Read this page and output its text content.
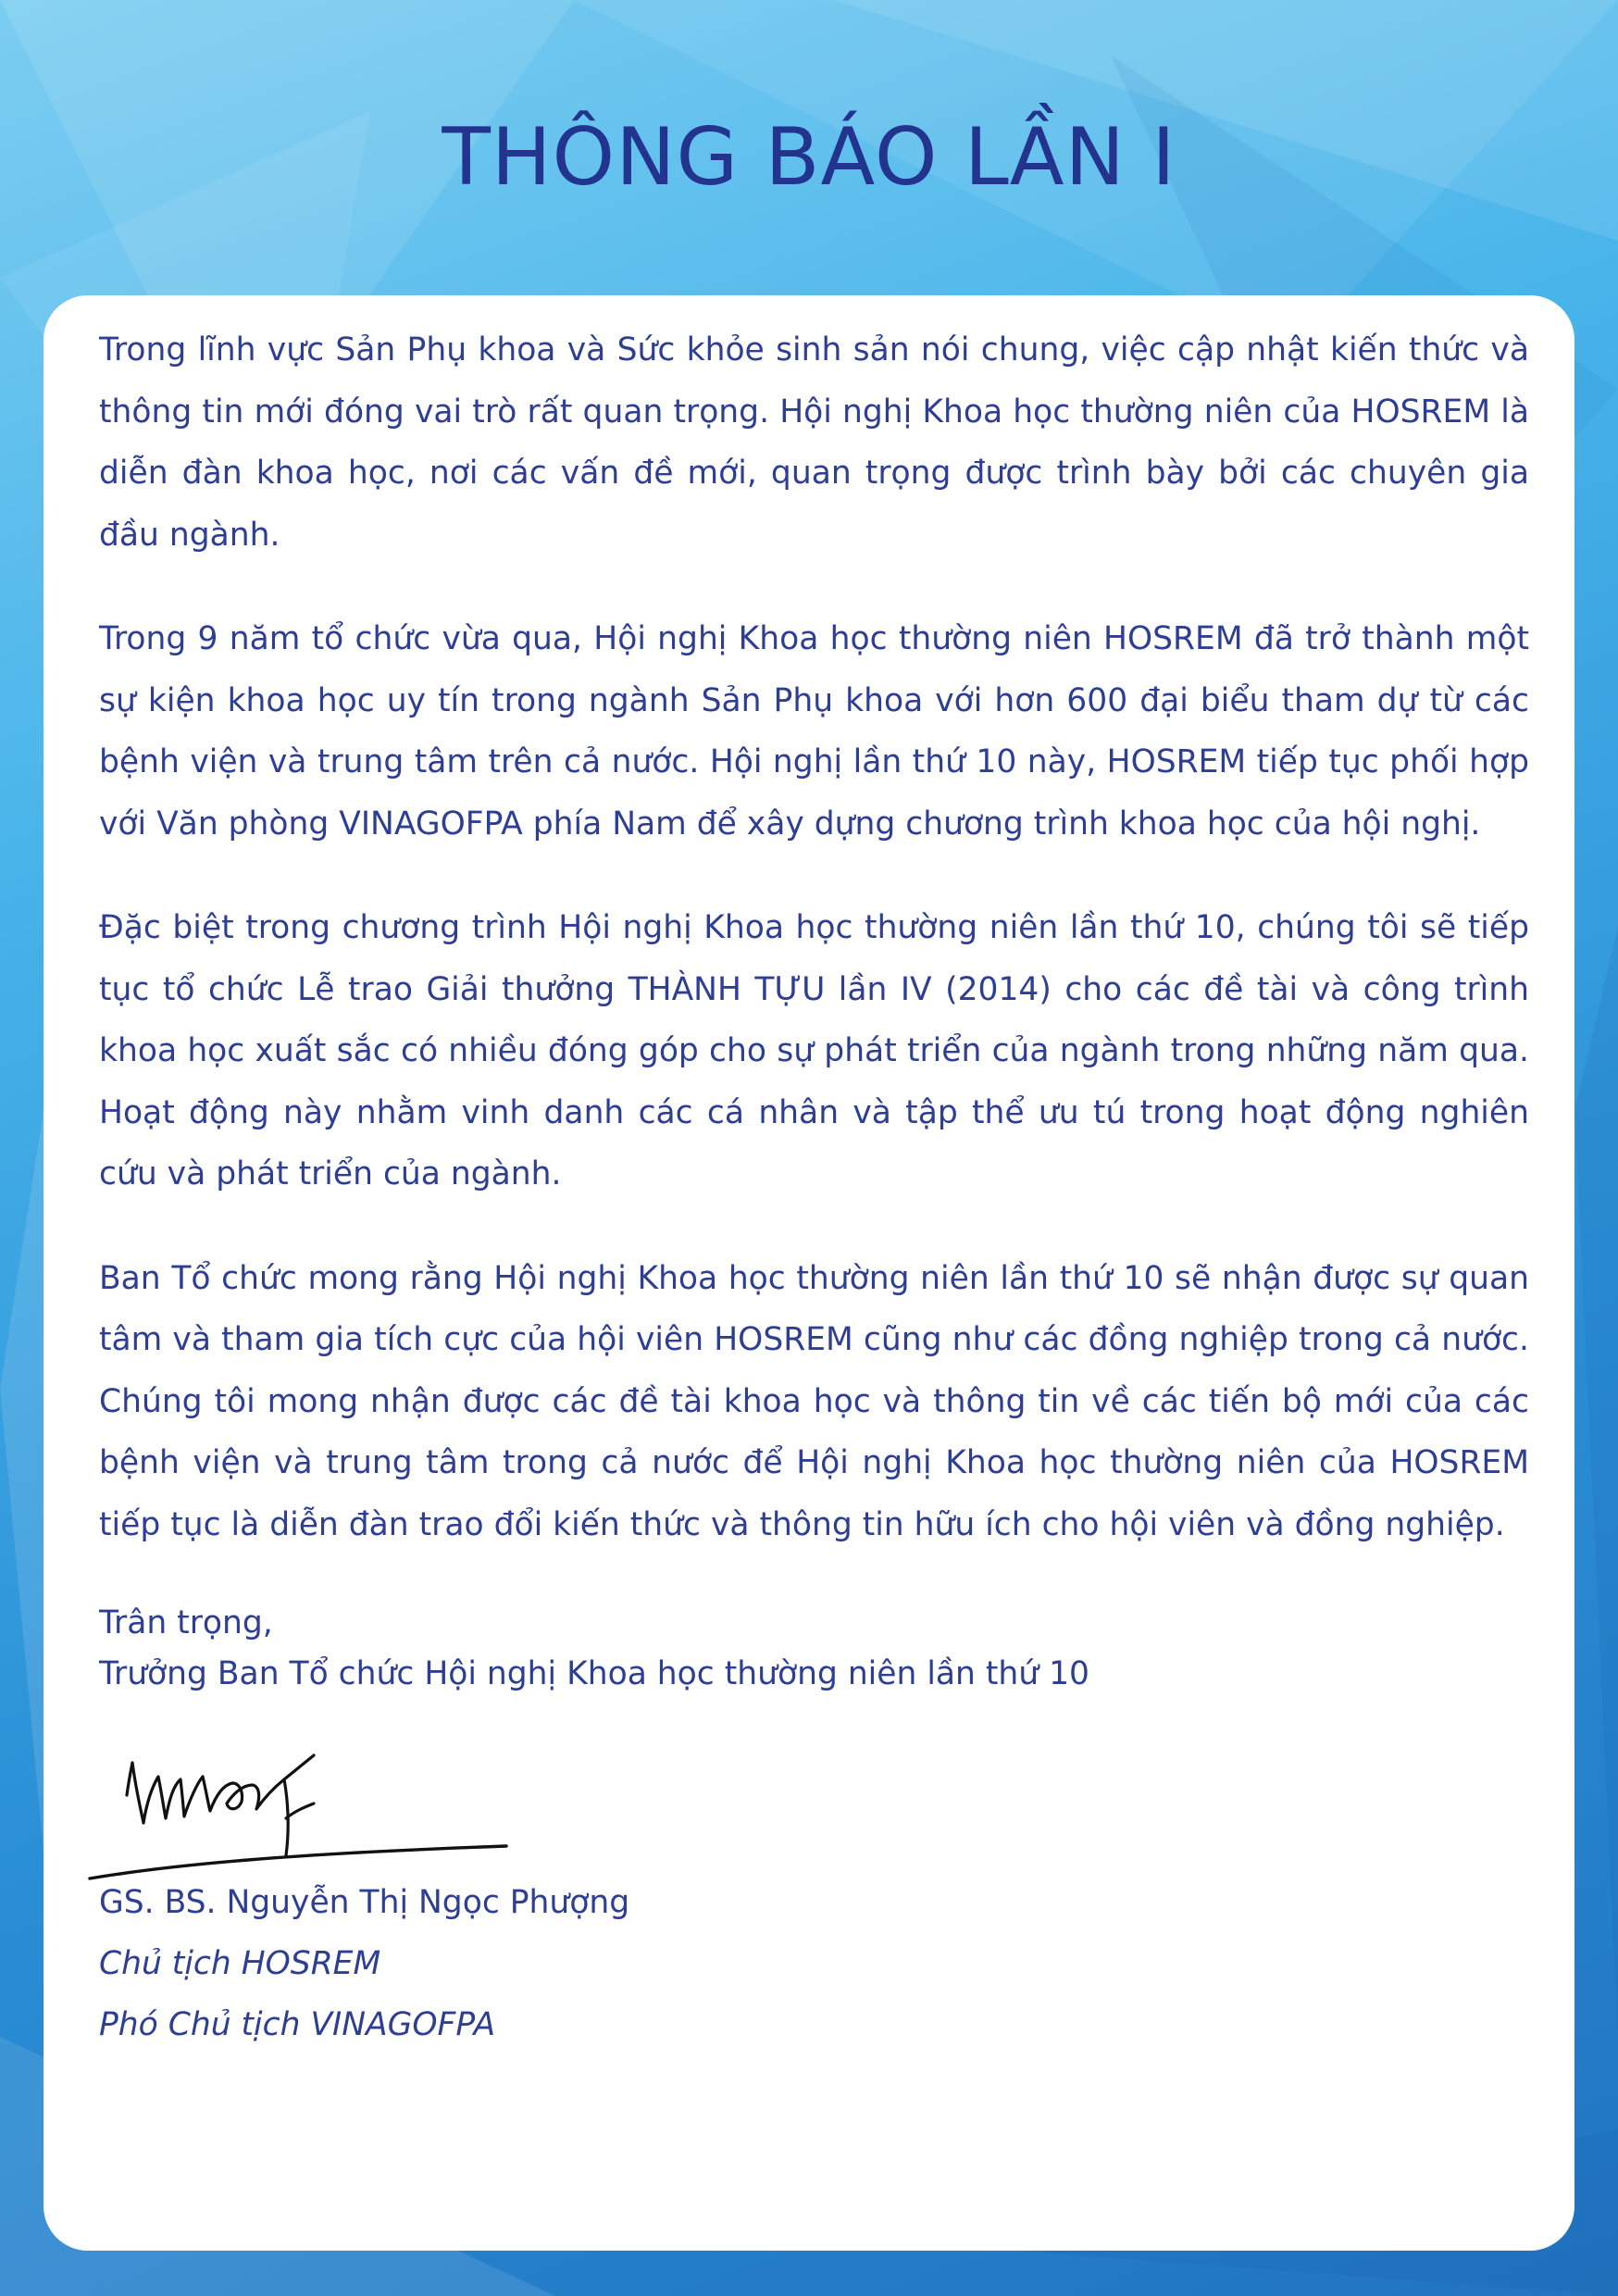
THÔNG BÁO LẦN I

Trong lĩnh vực Sản Phụ khoa và Sức khỏe sinh sản nói chung, việc cập nhật kiến thức và thông tin mới đóng vai trò rất quan trọng. Hội nghị Khoa học thường niên của HOSREM là diễn đàn khoa học, nơi các vấn đề mới, quan trọng được trình bày bởi các chuyên gia đầu ngành.

Trong 9 năm tổ chức vừa qua, Hội nghị Khoa học thường niên HOSREM đã trở thành một sự kiện khoa học uy tín trong ngành Sản Phụ khoa với hơn 600 đại biểu tham dự từ các bệnh viện và trung tâm trên cả nước. Hội nghị lần thứ 10 này, HOSREM tiếp tục phối hợp với Văn phòng VINAGOFPA phía Nam để xây dựng chương trình khoa học của hội nghị.

Đặc biệt trong chương trình Hội nghị Khoa học thường niên lần thứ 10, chúng tôi sẽ tiếp tục tổ chức Lễ trao Giải thưởng THÀNH TỰU lần IV (2014) cho các đề tài và công trình khoa học xuất sắc có nhiều đóng góp cho sự phát triển của ngành trong những năm qua. Hoạt động này nhằm vinh danh các cá nhân và tập thể ưu tú trong hoạt động nghiên cứu và phát triển của ngành.

Ban Tổ chức mong rằng Hội nghị Khoa học thường niên lần thứ 10 sẽ nhận được sự quan tâm và tham gia tích cực của hội viên HOSREM cũng như các đồng nghiệp trong cả nước. Chúng tôi mong nhận được các đề tài khoa học và thông tin về các tiến bộ mới của các bệnh viện và trung tâm trong cả nước để Hội nghị Khoa học thường niên của HOSREM tiếp tục là diễn đàn trao đổi kiến thức và thông tin hữu ích cho hội viên và đồng nghiệp.

Trân trọng,

Trưởng Ban Tổ chức Hội nghị Khoa học thường niên lần thứ 10

GS. BS. Nguyễn Thị Ngọc Phượng
Chủ tịch HOSREM
Phó Chủ tịch VINAGOFPA
